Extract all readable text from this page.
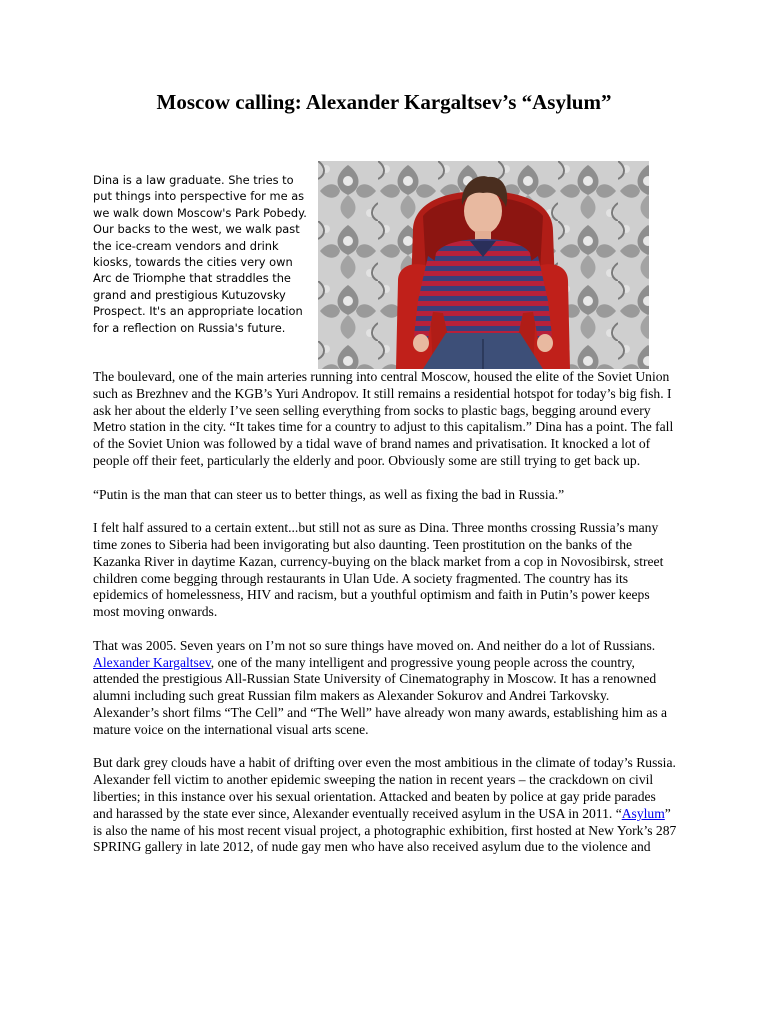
Moscow calling: Alexander Kargaltsev’s “Asylum”

Dina is a law graduate. She tries to put things into perspective for me as we walk down Moscow's Park Pobedy. Our backs to the west, we walk past the ice-cream vendors and drink kiosks, towards the cities very own Arc de Triomphe that straddles the grand and prestigious Kutuzovsky Prospect. It's an appropriate location for a reflection on Russia's future.

The boulevard, one of the main arteries running into central Moscow, housed the elite of the Soviet Union such as Brezhnev and the KGB’s Yuri Andropov. It still remains a residential hotspot for today’s big fish. I ask her about the elderly I’ve seen selling everything from socks to plastic bags, begging around every Metro station in the city. “It takes time for a country to adjust to this capitalism.” Dina has a point. The fall of the Soviet Union was followed by a tidal wave of brand names and privatisation. It knocked a lot of people off their feet, particularly the elderly and poor. Obviously some are still trying to get back up.

“Putin is the man that can steer us to better things, as well as fixing the bad in Russia.”

I felt half assured to a certain extent...but still not as sure as Dina. Three months crossing Russia’s many time zones to Siberia had been invigorating but also daunting. Teen prostitution on the banks of the Kazanka River in daytime Kazan, currency-buying on the black market from a cop in Novosibirsk, street children come begging through restaurants in Ulan Ude. A society fragmented. The country has its epidemics of homelessness, HIV and racism, but a youthful optimism and faith in Putin’s power keeps most moving onwards.

That was 2005. Seven years on I’m not so sure things have moved on. And neither do a lot of Russians. Alexander Kargaltsev, one of the many intelligent and progressive young people across the country, attended the prestigious All-Russian State University of Cinematography in Moscow. It has a renowned alumni including such great Russian film makers as Alexander Sokurov and Andrei Tarkovsky. Alexander’s short films “The Cell” and “The Well” have already won many awards, establishing him as a mature voice on the international visual arts scene.

But dark grey clouds have a habit of drifting over even the most ambitious in the climate of today’s Russia. Alexander fell victim to another epidemic sweeping the nation in recent years – the crackdown on civil liberties; in this instance over his sexual orientation. Attacked and beaten by police at gay pride parades and harassed by the state ever since, Alexander eventually received asylum in the USA in 2011. “Asylum” is also the name of his most recent visual project, a photographic exhibition, first hosted at New York’s 287 SPRING gallery in late 2012, of nude gay men who have also received asylum due to the violence and
